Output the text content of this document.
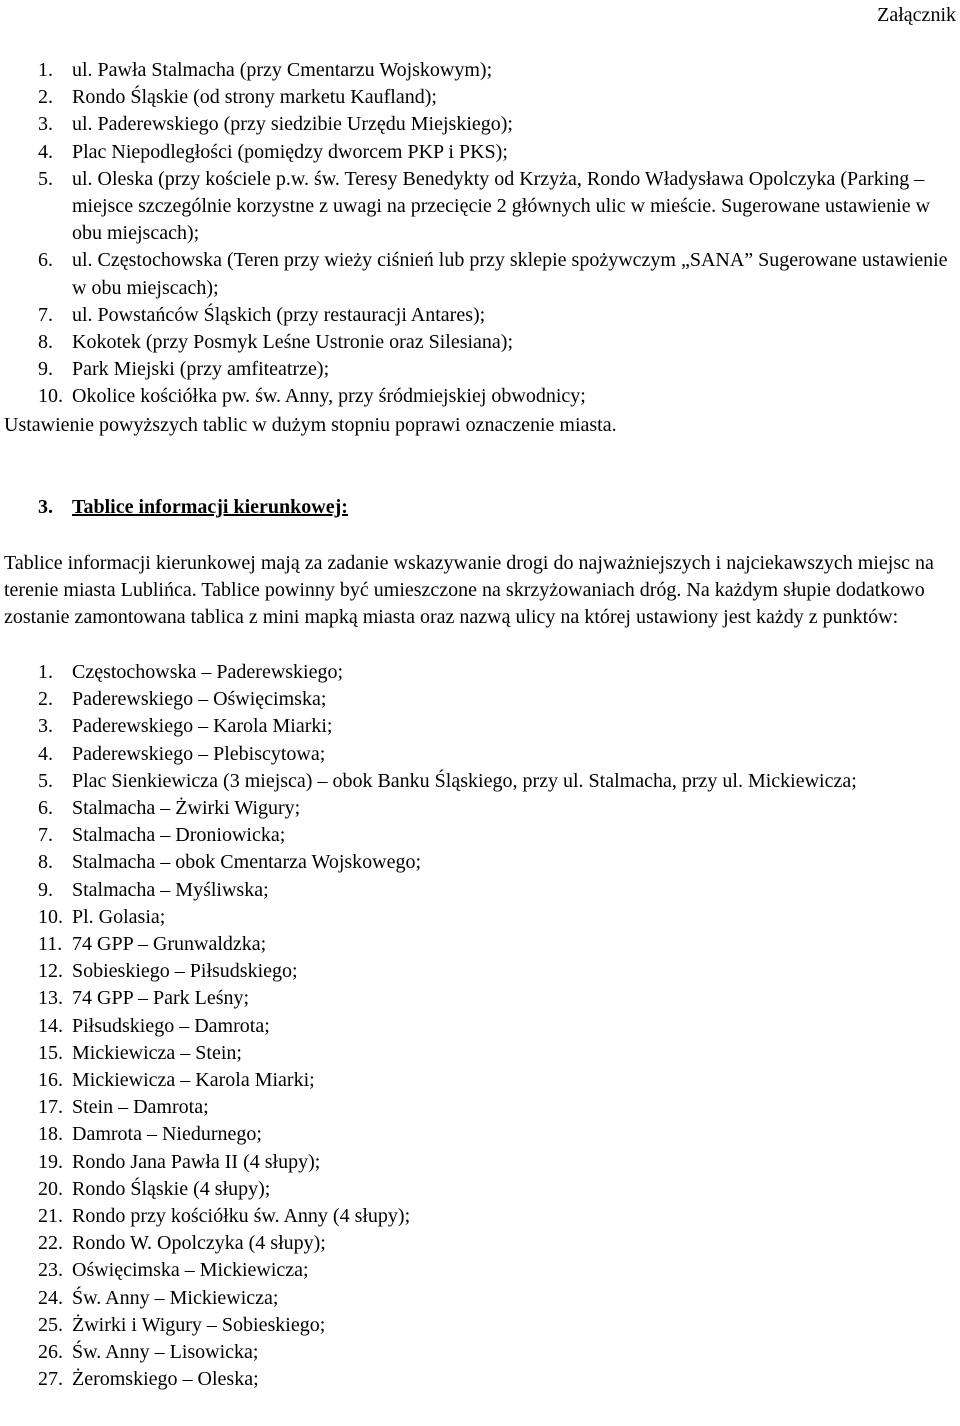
Załącznik
1. ul. Pawła Stalmacha (przy Cmentarzu Wojskowym);
2. Rondo Śląskie (od strony marketu Kaufland);
3. ul. Paderewskiego (przy siedzibie Urzędu Miejskiego);
4. Plac Niepodległości (pomiędzy dworcem PKP i PKS);
5. ul. Oleska (przy kościele p.w. św. Teresy Benedykty od Krzyża, Rondo Władysława Opolczyka (Parking – miejsce szczególnie korzystne z uwagi na przecięcie 2 głównych ulic w mieście. Sugerowane ustawienie w obu miejscach);
6. ul. Częstochowska (Teren przy wieży ciśnień lub przy sklepie spożywczym „SANA” Sugerowane ustawienie w obu miejscach);
7. ul. Powstańców Śląskich (przy restauracji Antares);
8. Kokotek (przy Posmyk Leśne Ustronie oraz Silesiana);
9. Park Miejski (przy amfiteatrze);
10. Okolice kościółka pw. św. Anny, przy śródmiejskiej obwodnicy;
Ustawienie powyższych tablic w dużym stopniu poprawi oznaczenie miasta.
3. Tablice informacji kierunkowej:
Tablice informacji kierunkowej mają za zadanie wskazywanie drogi do najważniejszych i najciekawszych miejsc na terenie miasta Lublińca. Tablice powinny być umieszczone na skrzyżowaniach dróg. Na każdym słupie dodatkowo zostanie zamontowana tablica z mini mapką miasta oraz nazwą ulicy na której ustawiony jest każdy z punktów:
1. Częstochowska – Paderewskiego;
2. Paderewskiego – Oświęcimska;
3. Paderewskiego – Karola Miarki;
4. Paderewskiego – Plebiscytowa;
5. Plac Sienkiewicza (3 miejsca) – obok Banku Śląskiego, przy ul. Stalmacha, przy ul. Mickiewicza;
6. Stalmacha – Żwirki Wigury;
7. Stalmacha – Droniowicka;
8. Stalmacha – obok Cmentarza Wojskowego;
9. Stalmacha – Myśliwska;
10. Pl. Golasia;
11. 74 GPP – Grunwaldzka;
12. Sobieskiego – Piłsudskiego;
13. 74 GPP – Park Leśny;
14. Piłsudskiego – Damrota;
15. Mickiewicza – Stein;
16. Mickiewicza – Karola Miarki;
17. Stein – Damrota;
18. Damrota – Niedurnego;
19. Rondo Jana Pawła II (4 słupy);
20. Rondo Śląskie (4 słupy);
21. Rondo przy kościółku św. Anny (4 słupy);
22. Rondo W. Opolczyka (4 słupy);
23. Oświęcimska – Mickiewicza;
24. Św. Anny – Mickiewicza;
25. Żwirki i Wigury – Sobieskiego;
26. Św. Anny – Lisowicka;
27. Żeromskiego – Oleska;
